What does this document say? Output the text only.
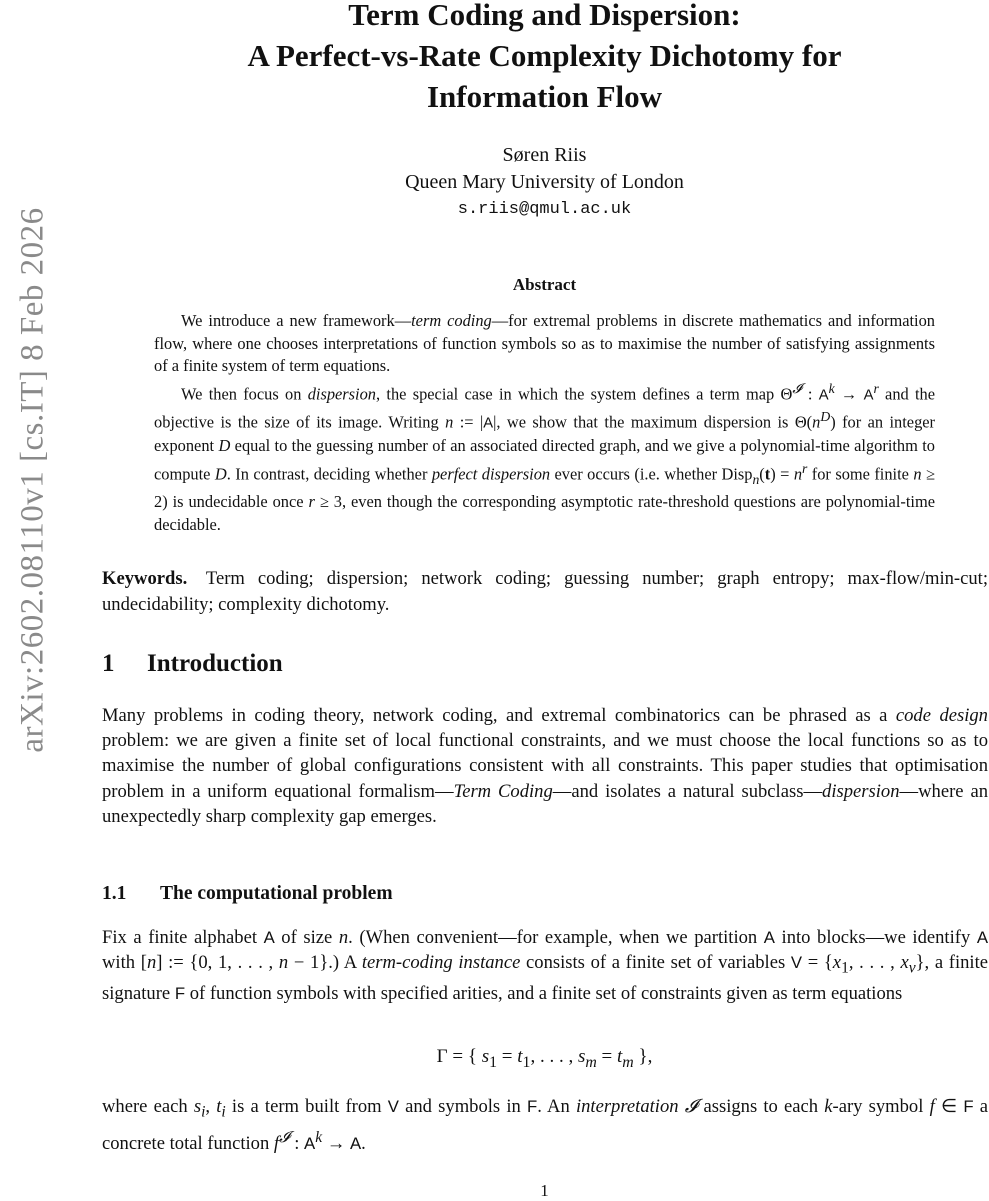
arXiv:2602.08110v1 [cs.IT] 8 Feb 2026
Term Coding and Dispersion:
A Perfect-vs-Rate Complexity Dichotomy for
Information Flow
Søren Riis
Queen Mary University of London
s.riis@qmul.ac.uk
Abstract

We introduce a new framework—term coding—for extremal problems in discrete mathematics and information flow, where one chooses interpretations of function symbols so as to maximise the number of satisfying assignments of a finite system of term equations.

We then focus on dispersion, the special case in which the system defines a term map $\Theta^𝓘$ : $A^k \to A^r$ and the objective is the size of its image. Writing n := |A|, we show that the maximum dispersion is $\Theta(n^D)$ for an integer exponent D equal to the guessing number of an associated directed graph, and we give a polynomial-time algorithm to compute D. In contrast, deciding whether perfect dispersion ever occurs (i.e. whether Disp$_n$(t) = $n^r$ for some finite n ≥ 2) is undecidable once r ≥ 3, even though the corresponding asymptotic rate-threshold questions are polynomial-time decidable.

Keywords. Term coding; dispersion; network coding; guessing number; graph entropy; max-flow/min-cut; undecidability; complexity dichotomy.
1 Introduction

Many problems in coding theory, network coding, and extremal combinatorics can be phrased as a code design problem: we are given a finite set of local functional constraints, and we must choose the local functions so as to maximise the number of global configurations consistent with all constraints. This paper studies that optimisation problem in a uniform equational formalism—Term Coding—and isolates a natural subclass—dispersion—where an unexpectedly sharp complexity gap emerges.

1.1 The computational problem

Fix a finite alphabet A of size n. (When convenient—for example, when we partition A into blocks—we identify A with [n] := {0, 1, . . . , n − 1}.) A term-coding instance consists of a finite set of variables $V = \{x_1$, . . . , $x_v$}, a finite signature F of function symbols with specified arities, and a finite set of constraints given as term equations

Γ = { $s_1 = t_1$, . . . , $s_m = t_m$ },

where each $s_i$, $t_i$ is a term built from V and symbols in F. An interpretation 𝓘 assigns to each k-ary symbol f ∈ F a concrete total function $f^𝓘$ : $A^k \to A$.

1
